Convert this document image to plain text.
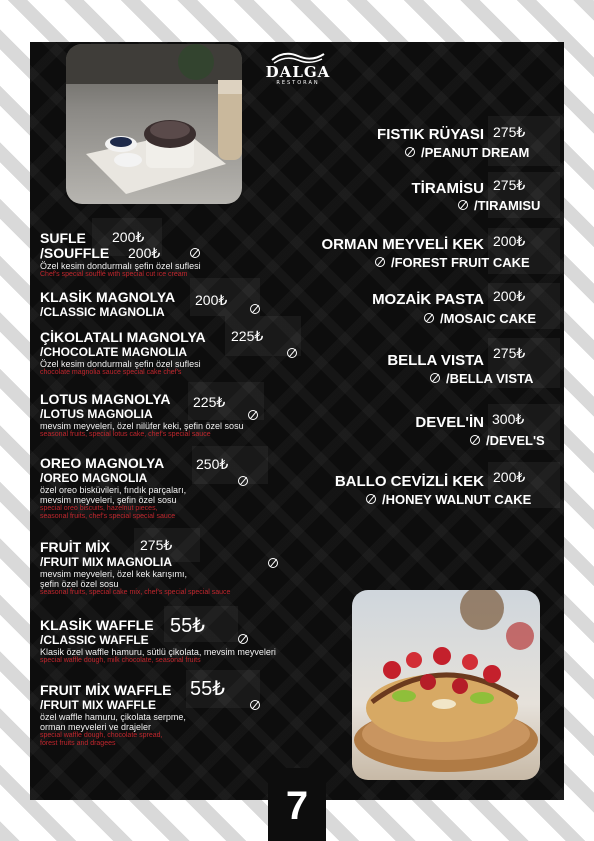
DALGA
RESTORAN
SUFLE
/SOUFFLE
Özel kesim dondurmalı şefin özel suflesi
Chef's special soufflé with special cut ice cream
200₺
200₺
KLASİK MAGNOLYA
/CLASSIC MAGNOLIA
200₺
ÇİKOLATALI MAGNOLYA
/CHOCOLATE MAGNOLIA
Özel kesim dondurmalı şefin özel suflesi
chocolate magnolia sauce special cake chef's
225₺
LOTUS MAGNOLYA
/LOTUS MAGNOLIA
mevsim meyveleri, özel nilüfer keki, şefin özel sosu
seasonal fruits, special lotus cake, chef's special sauce
225₺
OREO MAGNOLYA
/OREO MAGNOLIA
özel oreo bisküvileri, fındık parçaları,
mevsim meyveleri, şefin özel sosu
special oreo biscuits, hazelnut pieces,
seasonal fruits, chef's special special sauce
250₺
FRUİT MİX
/FRUIT MIX MAGNOLIA
mevsim meyveleri, özel kek karışımı,
şefin özel özel sosu
seasonal fruits, special cake mix, chef's special special sauce
275₺
KLASİK WAFFLE
/CLASSIC WAFFLE
Klasik özel waffle hamuru, sütlü çikolata, mevsim meyveleri
special waffle dough, milk chocolate, seasonal fruits
55₺
FRUIT MİX WAFFLE
/FRUIT MIX WAFFLE
özel waffle hamuru, çikolata serpme,
orman meyveleri ve drajeler
special waffle dough, chocolate spread,
forest fruits and dragees
55₺
FISTIK RÜYASI 275₺
/PEANUT DREAM
TİRAMİSU 275₺
/TIRAMISU
ORMAN MEYVELİ KEK 200₺
/FOREST FRUIT CAKE
MOZAİK PASTA 200₺
/MOSAIC CAKE
BELLA VISTA 275₺
/BELLA VISTA
DEVEL'İN 300₺
/DEVEL'S
BALLO CEVİZLİ KEK 200₺
/HONEY WALNUT CAKE
7
